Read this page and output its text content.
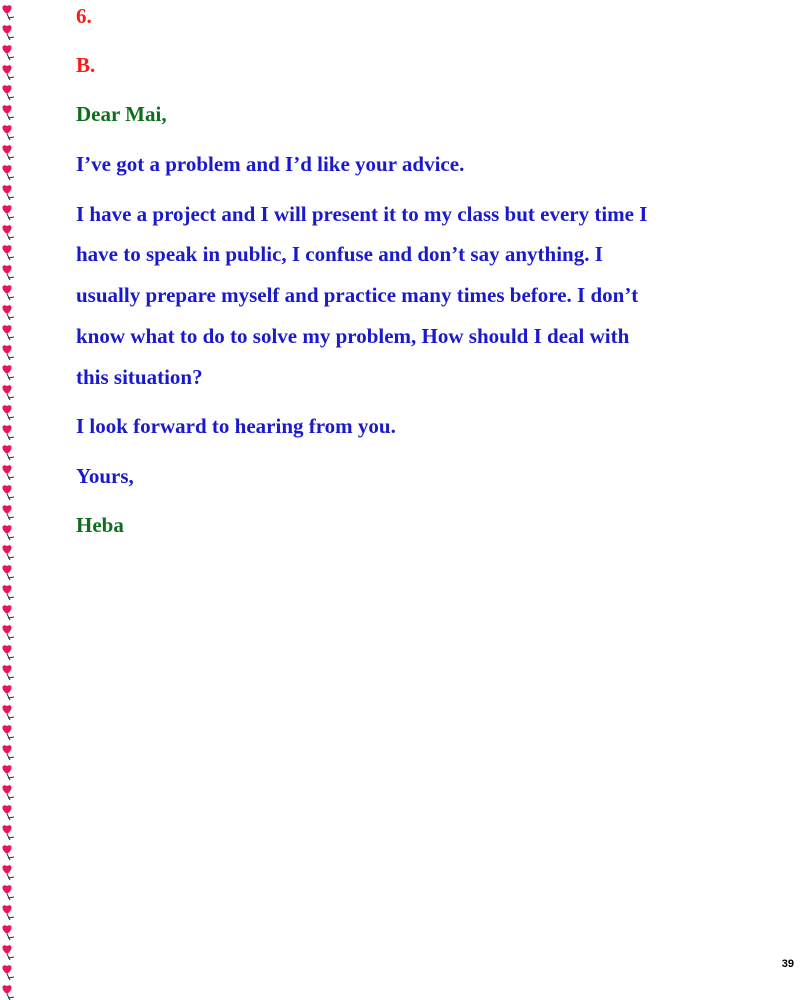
6.
B.
Dear Mai,
I’ve got a problem and I’d like your advice.
I have a project and I will present it to my class but every time I
have to speak in public, I confuse and don’t say anything. I
usually prepare myself and practice many times before. I don’t
know what to do to solve my problem, How should I deal with
this situation?
I look forward to hearing from you.
Yours,
Heba
39
